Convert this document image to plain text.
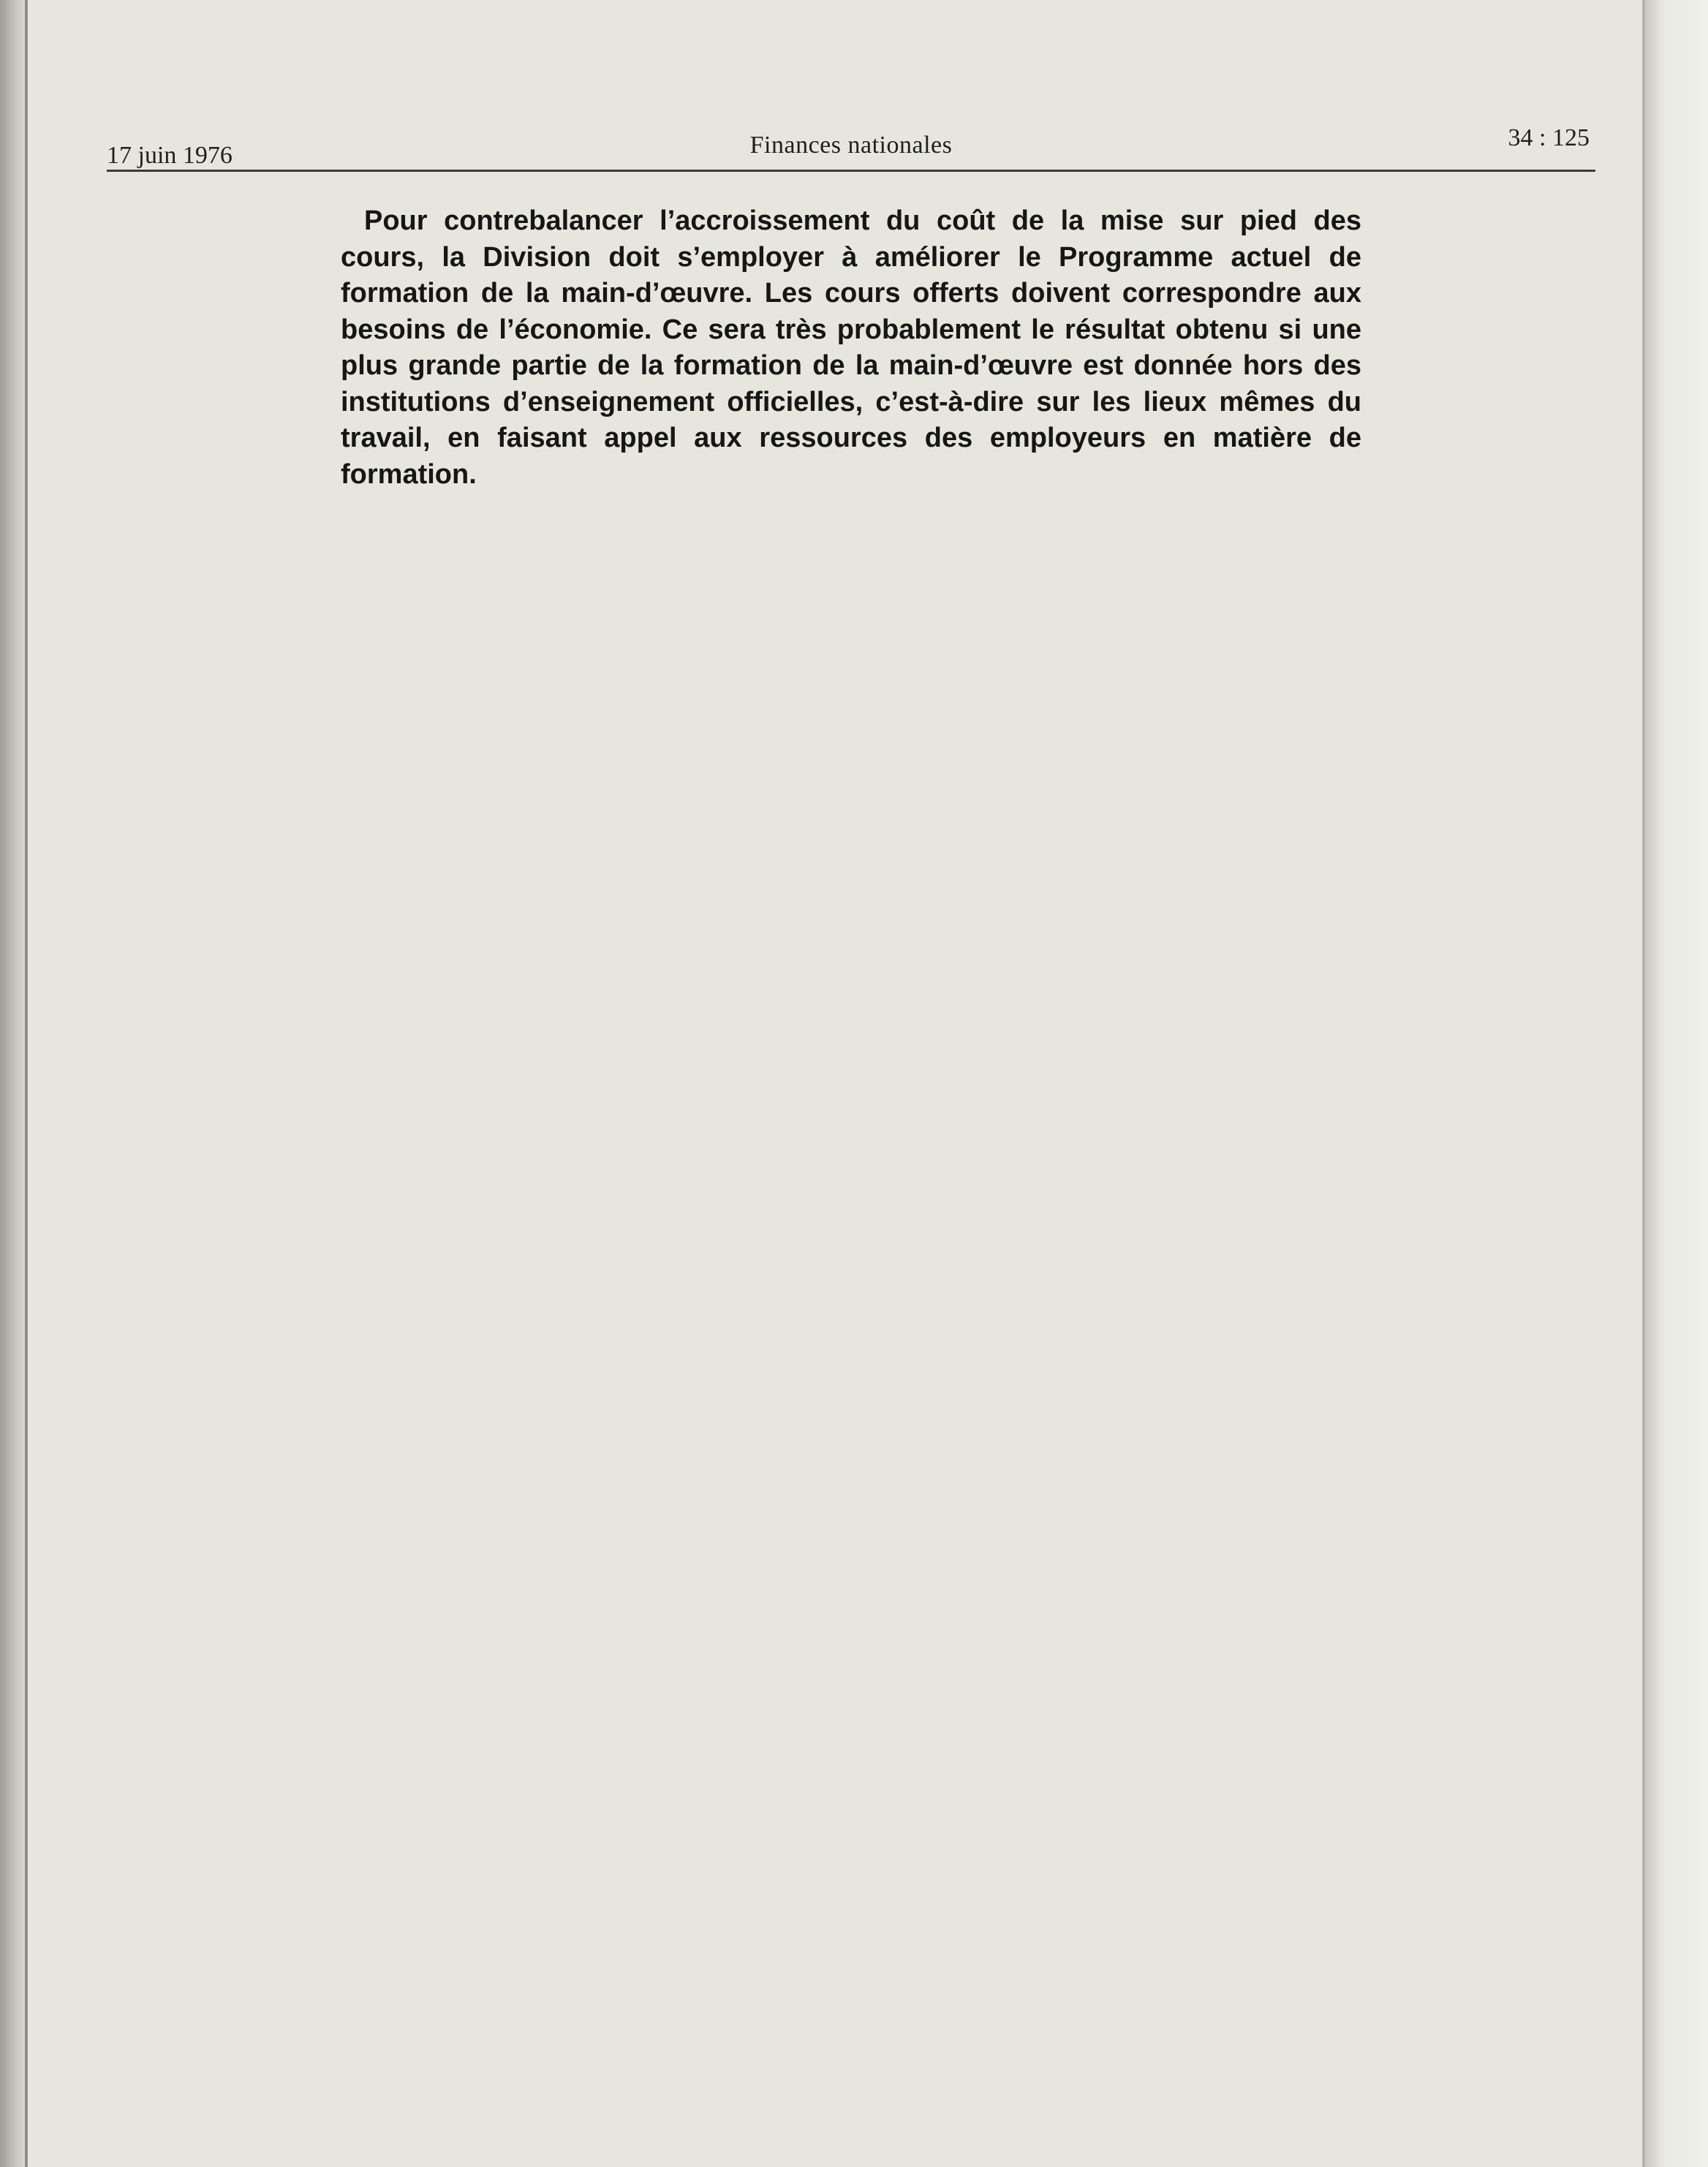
17 juin 1976	Finances nationales	34 : 125

Pour contrebalancer l’accroissement du coût de la mise sur pied des cours, la Division doit s’employer à améliorer le Programme actuel de formation de la main-d’œuvre. Les cours offerts doivent correspondre aux besoins de l’économie. Ce sera très probablement le résultat obtenu si une plus grande partie de la formation de la main-d’œuvre est donnée hors des institutions d’enseignement officielles, c’est-à-dire sur les lieux mêmes du travail, en faisant appel aux ressources des employeurs en matière de formation.
